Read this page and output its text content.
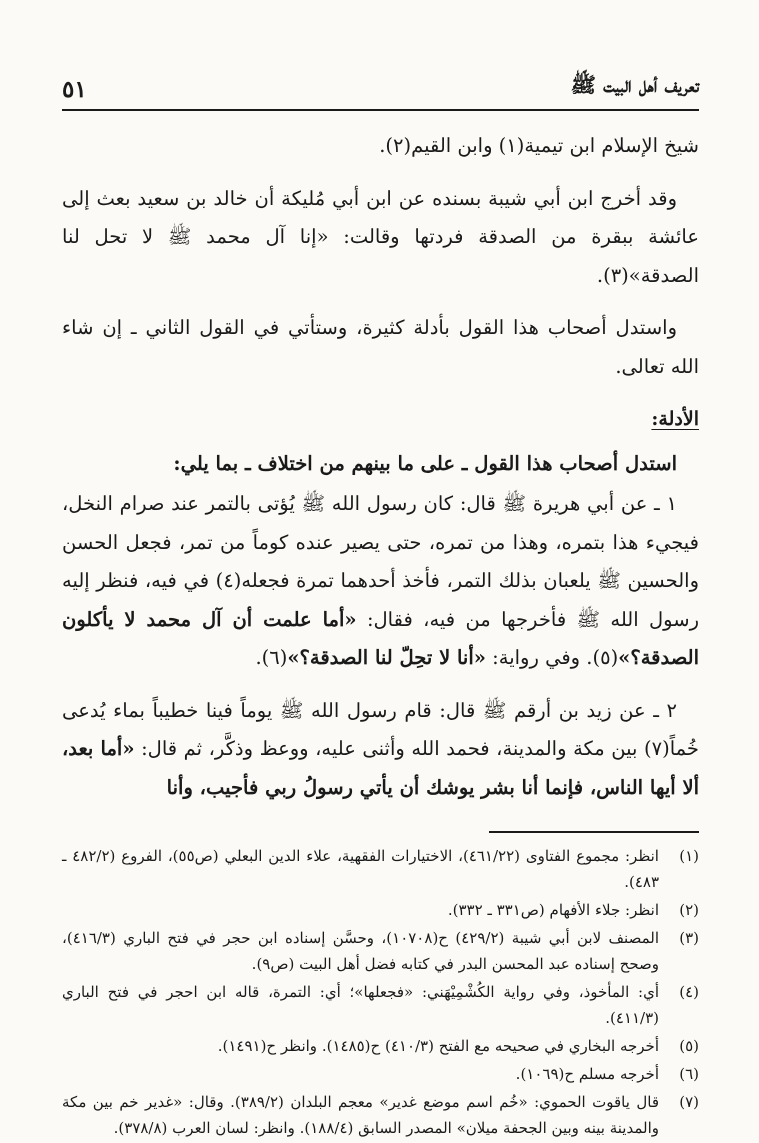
تعريف أهل البيت ﷺ
٥١

شيخ الإسلام ابن تيمية(١) وابن القيم(٢).

وقد أخرج ابن أبي شيبة بسنده عن ابن أبي مُليكة أن خالد بن سعيد بعث إلى عائشة ببقرة من الصدقة فردتها وقالت: «إنا آل محمد ﷺ لا تحل لنا الصدقة»(٣).

واستدل أصحاب هذا القول بأدلة كثيرة، وستأتي في القول الثاني ـ إن شاء الله تعالى.

الأدلة:
استدل أصحاب هذا القول ـ على ما بينهم من اختلاف ـ بما يلي:

١ ـ عن أبي هريرة ﷺ قال: كان رسول الله ﷺ يُؤتى بالتمر عند صرام النخل، فيجيء هذا بتمره، وهذا من تمره، حتى يصير عنده كوماً من تمر، فجعل الحسن والحسين ﷺ يلعبان بذلك التمر، فأخذ أحدهما تمرة فجعله(٤) في فيه، فنظر إليه رسول الله ﷺ فأخرجها من فيه، فقال: «أما علمت أن آل محمد لا يأكلون الصدقة؟»(٥). وفي رواية: «أنا لا تحِلّ لنا الصدقة؟»(٦).

٢ ـ عن زيد بن أرقم ﷺ قال: قام رسول الله ﷺ يوماً فينا خطيباً بماء يُدعى خُماً(٧) بين مكة والمدينة، فحمد الله وأثنى عليه، ووعظ وذكَّر، ثم قال: «أما بعد، ألا أيها الناس، فإنما أنا بشر يوشك أن يأتي رسولُ ربي فأجيب، وأنا

(١)
انظر: مجموع الفتاوى (٤٦١/٢٢)، الاختيارات الفقهية، علاء الدين البعلي (ص٥٥)، الفروع (٤٨٢/٢ ـ ٤٨٣).
(٢)
انظر: جلاء الأفهام (ص٣٣١ ـ ٣٣٢).
(٣)
المصنف لابن أبي شيبة (٤٢٩/٢) ح(١٠٧٠٨)، وحسَّن إسناده ابن حجر في فتح الباري (٤١٦/٣)، وصحح إسناده عبد المحسن البدر في كتابه فضل أهل البيت (ص٩).
(٤)
أي: المأخوذ، وفي رواية الكُشْمِيْهَني: «فجعلها»؛ أي: التمرة، قاله ابن احجر في فتح الباري (٤١١/٣).
(٥)
أخرجه البخاري في صحيحه مع الفتح (٤١٠/٣) ح(١٤٨٥). وانظر ح(١٤٩١).
(٦)
أخرجه مسلم ح(١٠٦٩).
(٧)
قال ياقوت الحموي: «خُم اسم موضع غدير» معجم البلدان (٣٨٩/٢). وقال: «غدير خم بين مكة والمدينة بينه وبين الجحفة ميلان» المصدر السابق (١٨٨/٤). وانظر: لسان العرب (٣٧٨/٨).
